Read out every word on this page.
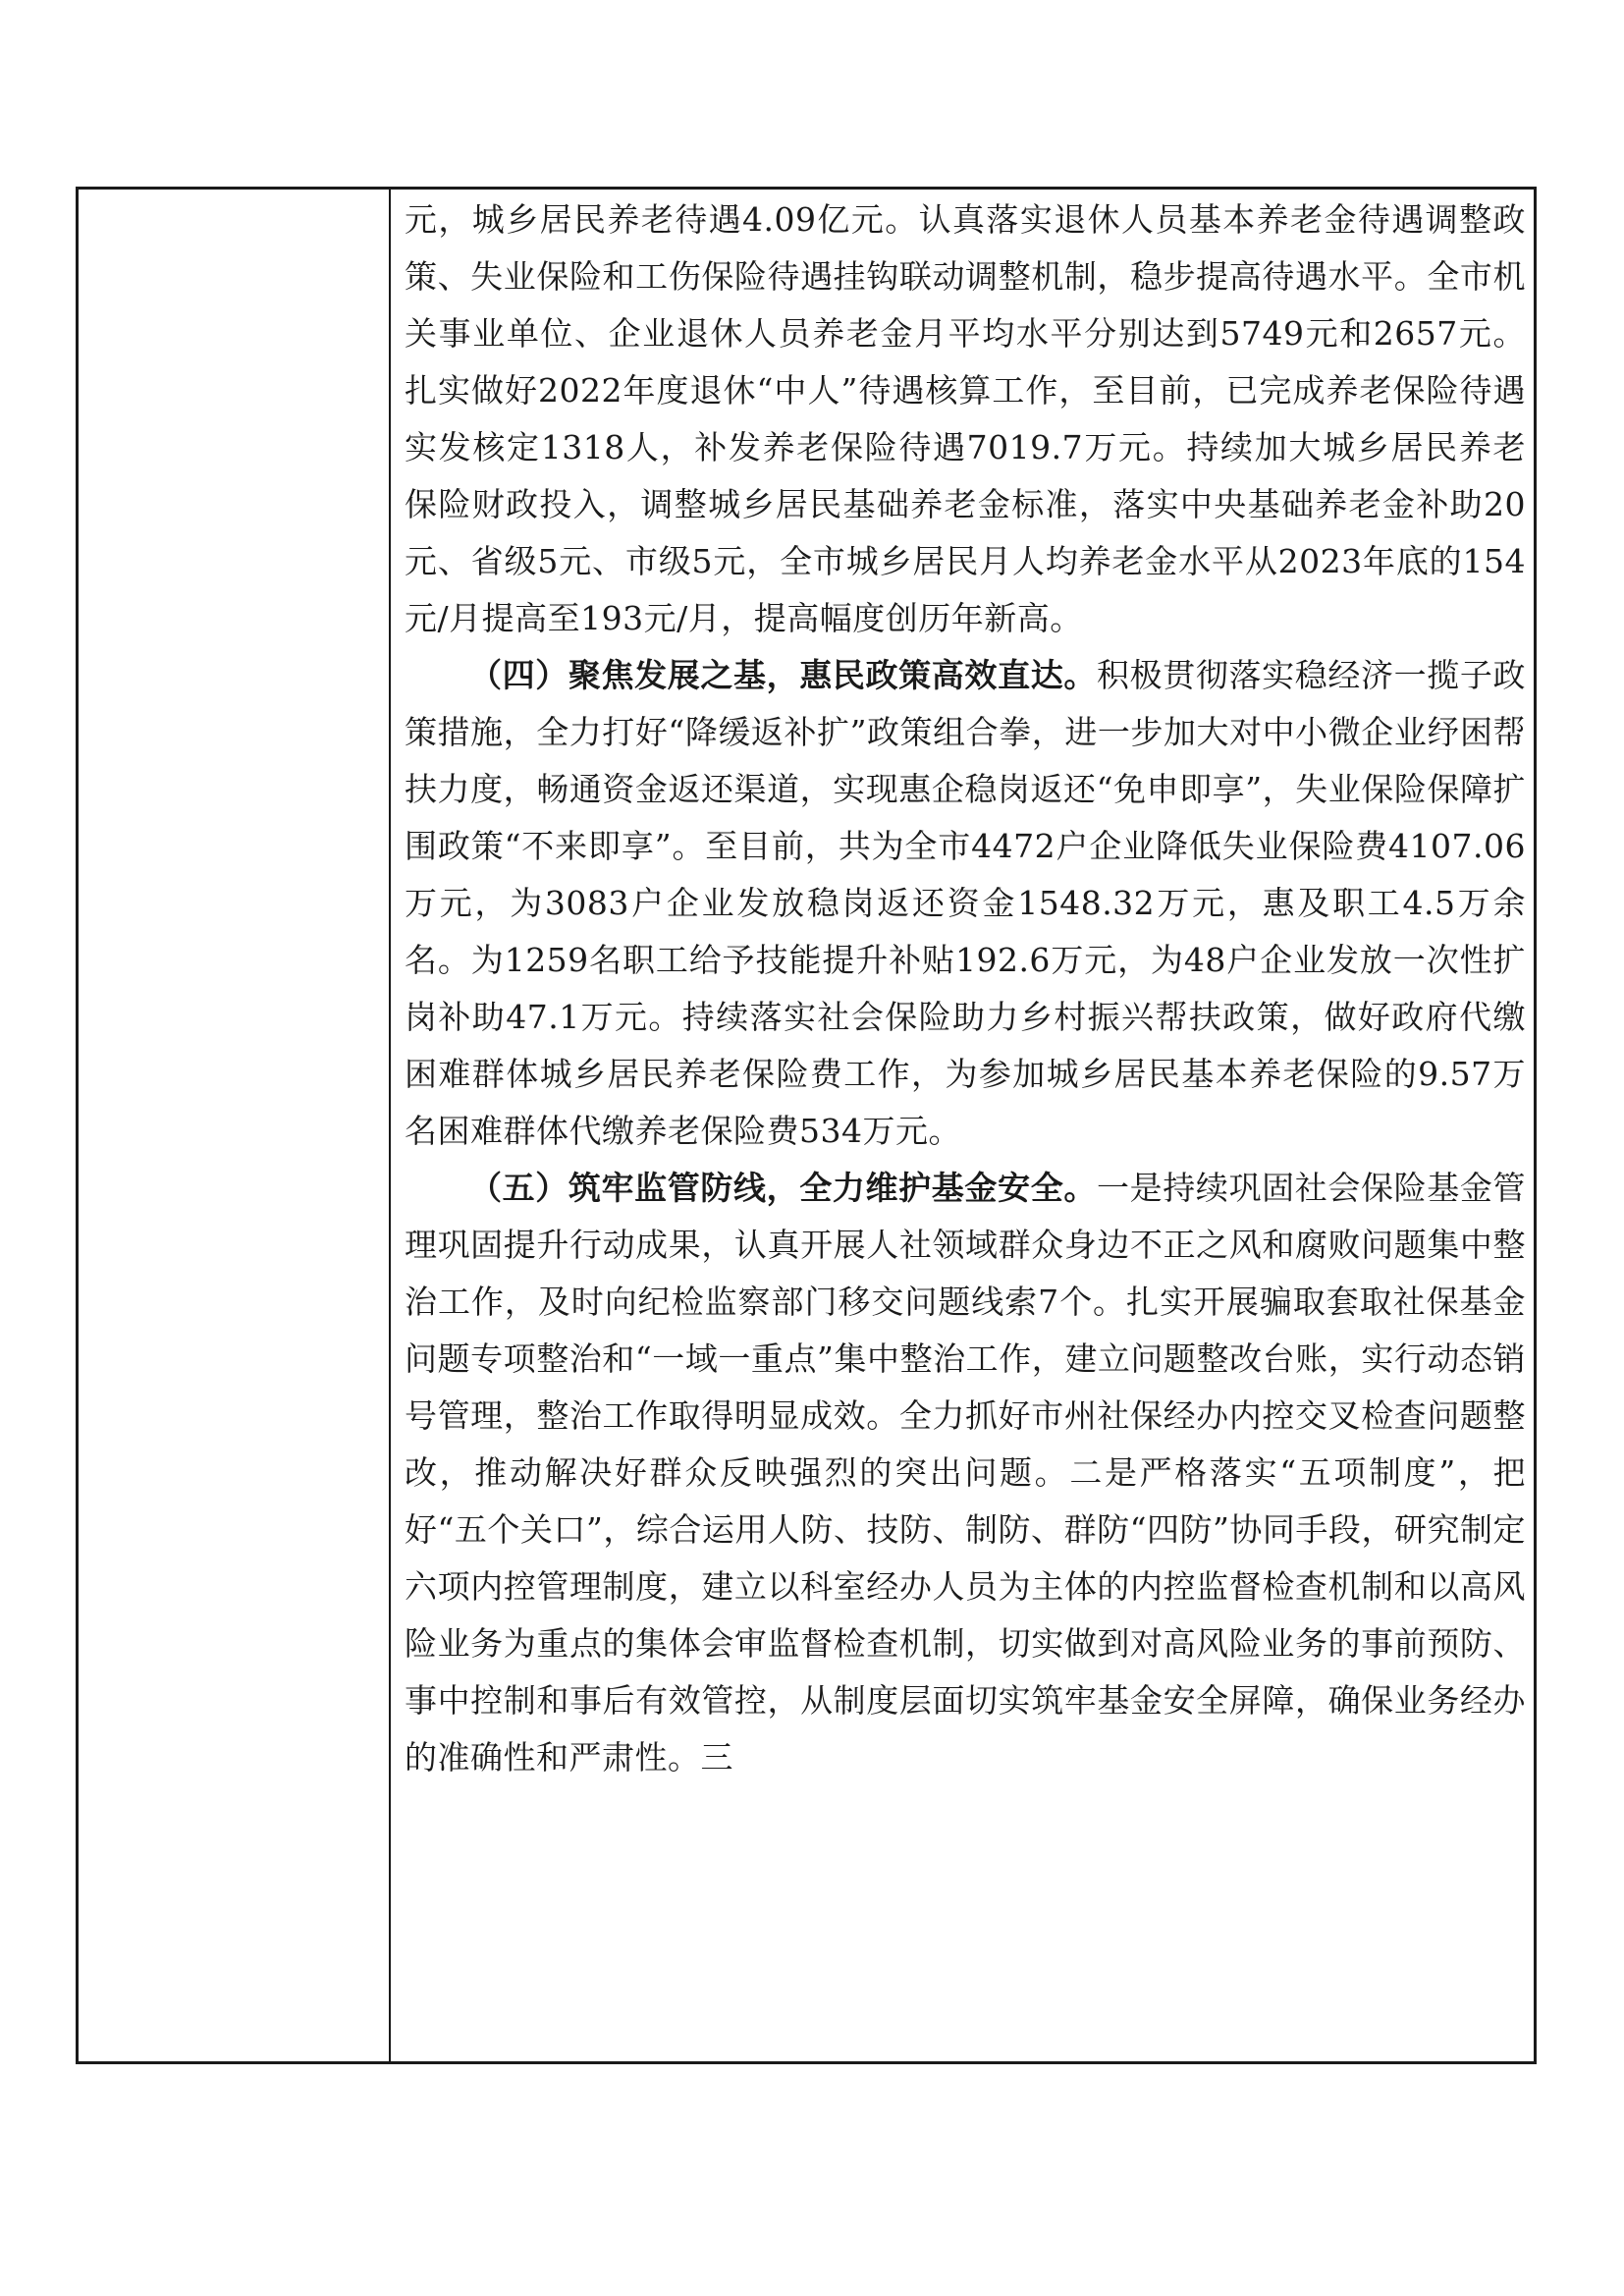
元，城乡居民养老待遇4.09亿元。认真落实退休人员基本养老金待遇调整政策、失业保险和工伤保险待遇挂钩联动调整机制，稳步提高待遇水平。全市机关事业单位、企业退休人员养老金月平均水平分别达到5749元和2657元。扎实做好2022年度退休“中人”待遇核算工作，至目前，已完成养老保险待遇实发核定1318人，补发养老保险待遇7019.7万元。持续加大城乡居民养老保险财政投入，调整城乡居民基础养老金标准，落实中央基础养老金补助20元、省级5元、市级5元，全市城乡居民月人均养老金水平从2023年底的154元/月提高至193元/月，提高幅度创历年新高。

（四）聚焦发展之基，惠民政策高效直达。积极贯彻落实稳经济一揽子政策措施，全力打好“降缓返补扩”政策组合拳，进一步加大对中小微企业纾困帮扶力度，畅通资金返还渠道，实现惠企稳岗返还“免申即享”，失业保险保障扩围政策“不来即享”。至目前，共为全市4472户企业降低失业保险费4107.06万元，为3083户企业发放稳岗返还资金1548.32万元，惠及职工4.5万余名。为1259名职工给予技能提升补贴192.6万元，为48户企业发放一次性扩岗补助47.1万元。持续落实社会保险助力乡村振兴帮扶政策，做好政府代缴困难群体城乡居民养老保险费工作，为参加城乡居民基本养老保险的9.57万名困难群体代缴养老保险费534万元。

（五）筑牢监管防线，全力维护基金安全。一是持续巩固社会保险基金管理巩固提升行动成果，认真开展人社领域群众身边不正之风和腐败问题集中整治工作，及时向纪检监察部门移交问题线索7个。扎实开展骗取套取社保基金问题专项整治和“一域一重点”集中整治工作，建立问题整改台账，实行动态销号管理，整治工作取得明显成效。全力抓好市州社保经办内控交叉检查问题整改，推动解决好群众反映强烈的突出问题。二是严格落实“五项制度”，把好“五个关口”，综合运用人防、技防、制防、群防“四防”协同手段，研究制定六项内控管理制度，建立以科室经办人员为主体的内控监督检查机制和以高风险业务为重点的集体会审监督检查机制，切实做到对高风险业务的事前预防、事中控制和事后有效管控，从制度层面切实筑牢基金安全屏障，确保业务经办的准确性和严肃性。三
